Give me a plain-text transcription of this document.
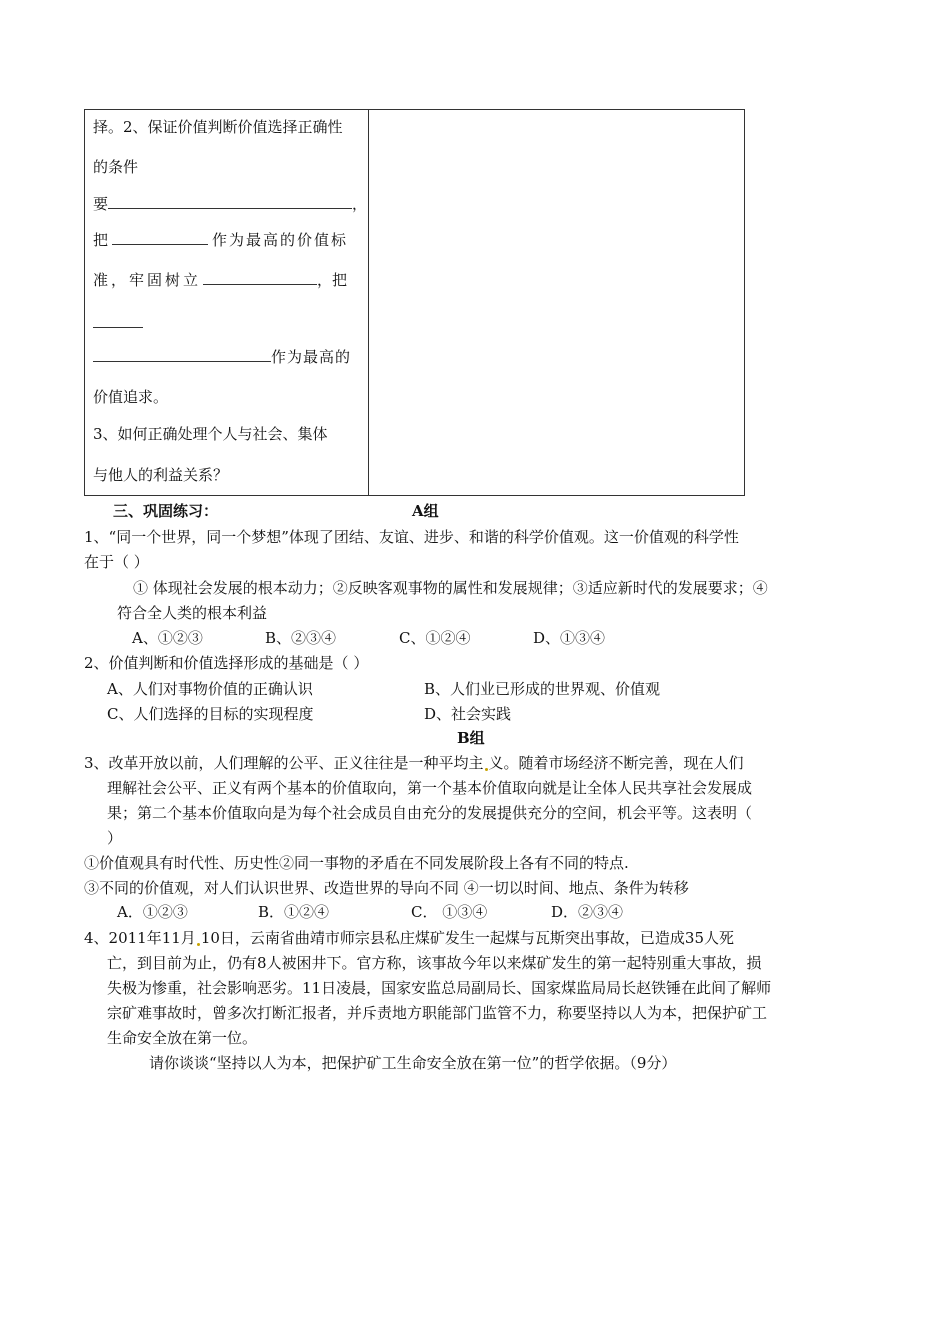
择。2、保证价值判断价值选择正确性
的条件
要	，
把	作为最高的价值标
准，牢固树立	，把
作为最高的
价值追求。
3、如何正确处理个人与社会、集体
与他人的利益关系？
三、巩固练习：	A组
1、“同一个世界，同一个梦想”体现了团结、友谊、进步、和谐的科学价值观。这一价值观的科学性
在于（ ）
① 体现社会发展的根本动力；②反映客观事物的属性和发展规律；③适应新时代的发展要求；④
符合全人类的根本利益
A、①②③	B、②③④	C、①②④	D、①③④
2、价值判断和价值选择形成的基础是（ ）
A、人们对事物价值的正确认识	B、人们业已形成的世界观、价值观
C、人们选择的目标的实现程度	D、社会实践
B组
3、改革开放以前，人们理解的公平、正义往往是一种平均主 义。随着市场经济不断完善，现在人们
理解社会公平、正义有两个基本的价值取向，第一个基本价值取向就是让全体人民共享社会发展成
果；第二个基本价值取向是为每个社会成员自由充分的发展提供充分的空间，机会平等。这表明（
）
①价值观具有时代性、历史性②同一事物的矛盾在不同发展阶段上各有不同的特点.
③不同的价值观，对人们认识世界、改造世界的导向不同 ④一切以时间、地点、条件为转移
A．①②③	B．①②④	C． ①③④	D．②③④
4、2011年11月 10日，云南省曲靖市师宗县私庄煤矿发生一起煤与瓦斯突出事故，已造成35人死
亡，到目前为止，仍有8人被困井下。官方称，该事故今年以来煤矿发生的第一起特别重大事故，损
失极为惨重，社会影响恶劣。11日凌晨，国家安监总局副局长、国家煤监局局长赵铁锤在此间了解师
宗矿难事故时，曾多次打断汇报者，并斥责地方职能部门监管不力，称要坚持以人为本，把保护矿工
生命安全放在第一位。
请你谈谈“坚持以人为本，把保护矿工生命安全放在第一位”的哲学依据。（9分）
